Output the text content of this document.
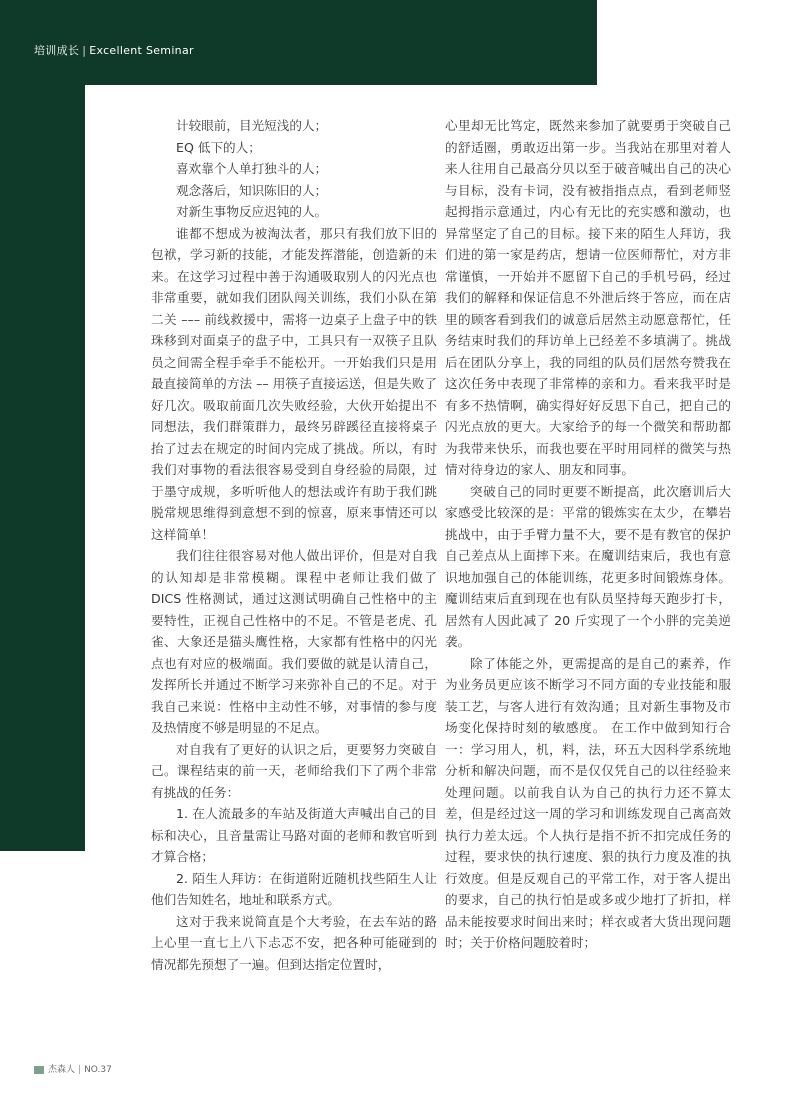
培训成长 | Excellent Seminar

计较眼前，目光短浅的人；

EQ 低下的人；

喜欢靠个人单打独斗的人；

观念落后，知识陈旧的人；

对新生事物反应迟钝的人。

谁都不想成为被淘汰者，那只有我们放下旧的包袱，学习新的技能，才能发挥潜能，创造新的未来。在这学习过程中善于沟通吸取别人的闪光点也非常重要，就如我们团队闯关训练，我们小队在第二关 ––– 前线救援中，需将一边桌子上盘子中的铁珠移到对面桌子的盘子中，工具只有一双筷子且队员之间需全程手牵手不能松开。一开始我们只是用最直接简单的方法 –– 用筷子直接运送，但是失败了好几次。吸取前面几次失败经验，大伙开始提出不同想法，我们群策群力，最终另辟蹊径直接将桌子抬了过去在规定的时间内完成了挑战。所以，有时我们对事物的看法很容易受到自身经验的局限，过于墨守成规，多听听他人的想法或许有助于我们跳脱常规思维得到意想不到的惊喜，原来事情还可以这样简单！

我们往往很容易对他人做出评价，但是对自我的认知却是非常模糊。课程中老师让我们做了 DICS 性格测试，通过这测试明确自己性格中的主要特性，正视自己性格中的不足。不管是老虎、孔雀、大象还是猫头鹰性格，大家都有性格中的闪光点也有对应的极端面。我们要做的就是认清自己，发挥所长并通过不断学习来弥补自己的不足。对于我自己来说：性格中主动性不够，对事情的参与度及热情度不够是明显的不足点。

对自我有了更好的认识之后，更要努力突破自己。课程结束的前一天，老师给我们下了两个非常有挑战的任务：

1. 在人流最多的车站及街道大声喊出自己的目标和决心，且音量需让马路对面的老师和教官听到才算合格；

2. 陌生人拜访：在街道附近随机找些陌生人让他们告知姓名，地址和联系方式。

这对于我来说简直是个大考验，在去车站的路上心里一直七上八下忐忑不安，把各种可能碰到的情况都先预想了一遍。但到达指定位置时，

心里却无比笃定，既然来参加了就要勇于突破自己的舒适圈，勇敢迈出第一步。当我站在那里对着人来人往用自己最高分贝以至于破音喊出自己的决心与目标，没有卡词，没有被指指点点，看到老师竖起拇指示意通过，内心有无比的充实感和激动，也异常坚定了自己的目标。接下来的陌生人拜访，我们进的第一家是药店，想请一位医师帮忙，对方非常谨慎，一开始并不愿留下自己的手机号码，经过我们的解释和保证信息不外泄后终于答应，而在店里的顾客看到我们的诚意后居然主动愿意帮忙，任务结束时我们的拜访单上已经差不多填满了。挑战后在团队分享上，我的同组的队员们居然夸赞我在这次任务中表现了非常棒的亲和力。看来我平时是有多不热情啊，确实得好好反思下自己，把自己的闪光点放的更大。大家给予的每一个微笑和帮助都为我带来快乐，而我也要在平时用同样的微笑与热情对待身边的家人、朋友和同事。

突破自己的同时更要不断提高，此次磨训后大家感受比较深的是：平常的锻炼实在太少，在攀岩挑战中，由于手臂力量不大，要不是有教官的保护自己差点从上面摔下来。在魔训结束后，我也有意识地加强自己的体能训练，花更多时间锻炼身体。魔训结束后直到现在也有队员坚持每天跑步打卡，居然有人因此减了 20 斤实现了一个小胖的完美逆袭。

除了体能之外，更需提高的是自己的素养，作为业务员更应该不断学习不同方面的专业技能和服装工艺，与客人进行有效沟通；且对新生事物及市场变化保持时刻的敏感度。 在工作中做到知行合一：学习用人，机，料，法，环五大因科学系统地分析和解决问题，而不是仅仅凭自己的以往经验来处理问题。以前我自认为自己的执行力还不算太差，但是经过这一周的学习和训练发现自己离高效执行力差太远。个人执行是指不折不扣完成任务的过程，要求快的执行速度、狠的执行力度及准的执行效度。但是反观自己的平常工作，对于客人提出的要求，自己的执行怕是或多或少地打了折扣，样品未能按要求时间出来时；样衣或者大货出现问题时；关于价格问题胶着时；

杰森人 | NO.37
